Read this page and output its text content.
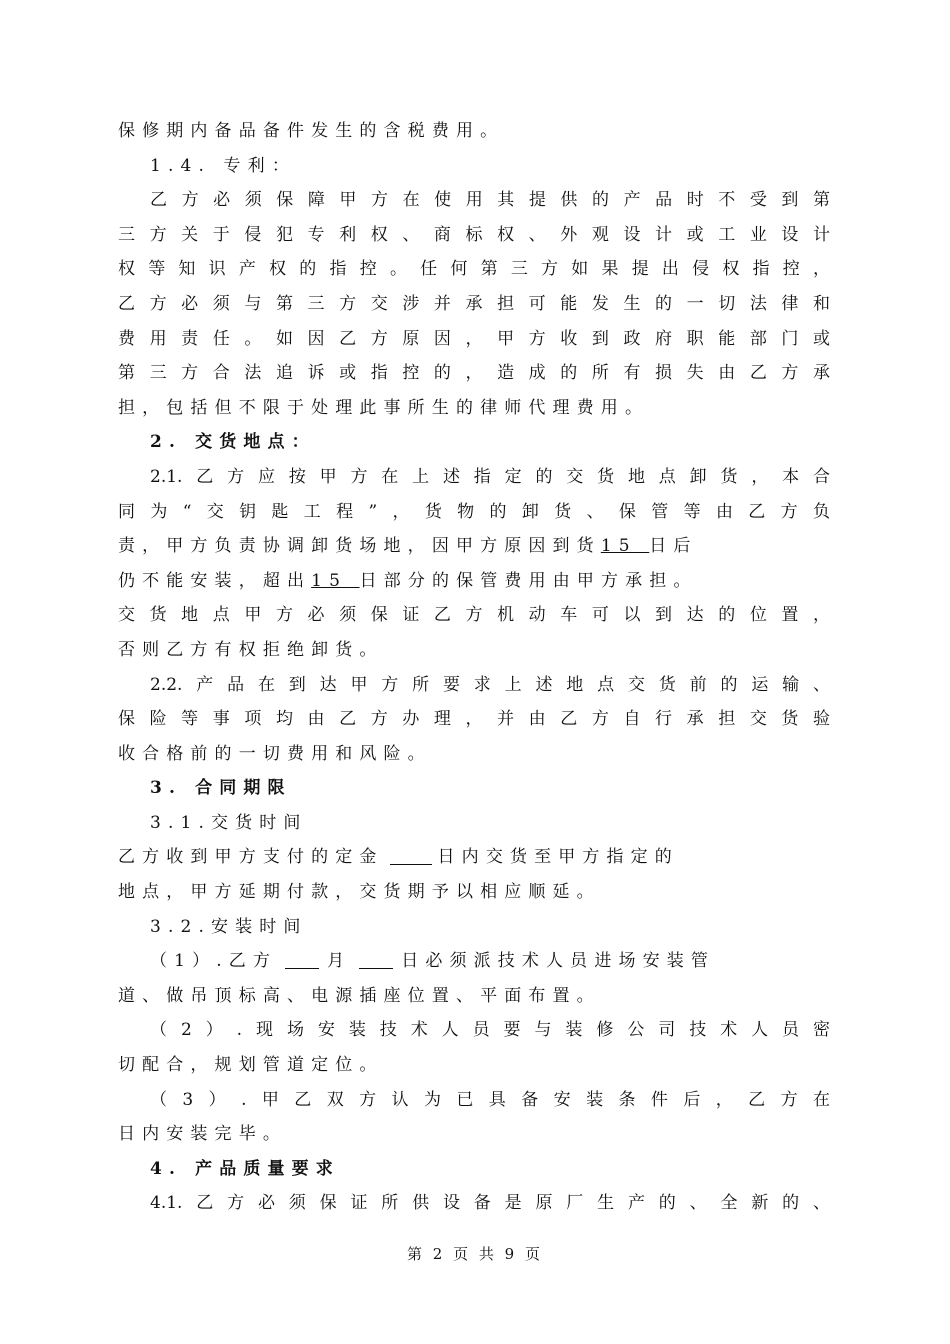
保修期内备品备件发生的含税费用。
1.4. 专利：
乙方必须保障甲方在使用其提供的产品时不受到第
三方关于侵犯专利权、商标权、外观设计或工业设计
权等知识产权的指控。任何第三方如果提出侵权指控，
乙方必须与第三方交涉并承担可能发生的一切法律和
费用责任。如因乙方原因，甲方收到政府职能部门或
第三方合法追诉或指控的，造成的所有损失由乙方承
担，包括但不限于处理此事所生的律师代理费用。
2. 交货地点：
2.1.乙方应按甲方在上述指定的交货地点卸货，本合
同为“交钥匙工程”，货物的卸货、保管等由乙方负
责，甲方负责协调卸货场地，因甲方原因到货15 日后
仍不能安装，超出15 日部分的保管费用由甲方承担。
交货地点甲方必须保证乙方机动车可以到达的位置，
否则乙方有权拒绝卸货。
2.2.产品在到达甲方所要求上述地点交货前的运输、
保险等事项均由乙方办理，并由乙方自行承担交货验
收合格前的一切费用和风险。
3. 合同期限
3.1.交货时间
乙方收到甲方支付的定金	日内交货至甲方指定的
地点，甲方延期付款，交货期予以相应顺延。
3.2.安装时间
（1）.乙方	月	日必须派技术人员进场安装管
道、做吊顶标高、电源插座位置、平面布置。
（2）.现场安装技术人员要与装修公司技术人员密
切配合，规划管道定位。
（3）.甲乙双方认为已具备安装条件后，乙方在
日内安装完毕。
4. 产品质量要求
4.1.乙方必须保证所供设备是原厂生产的、全新的、
第 2 页 共 9 页
